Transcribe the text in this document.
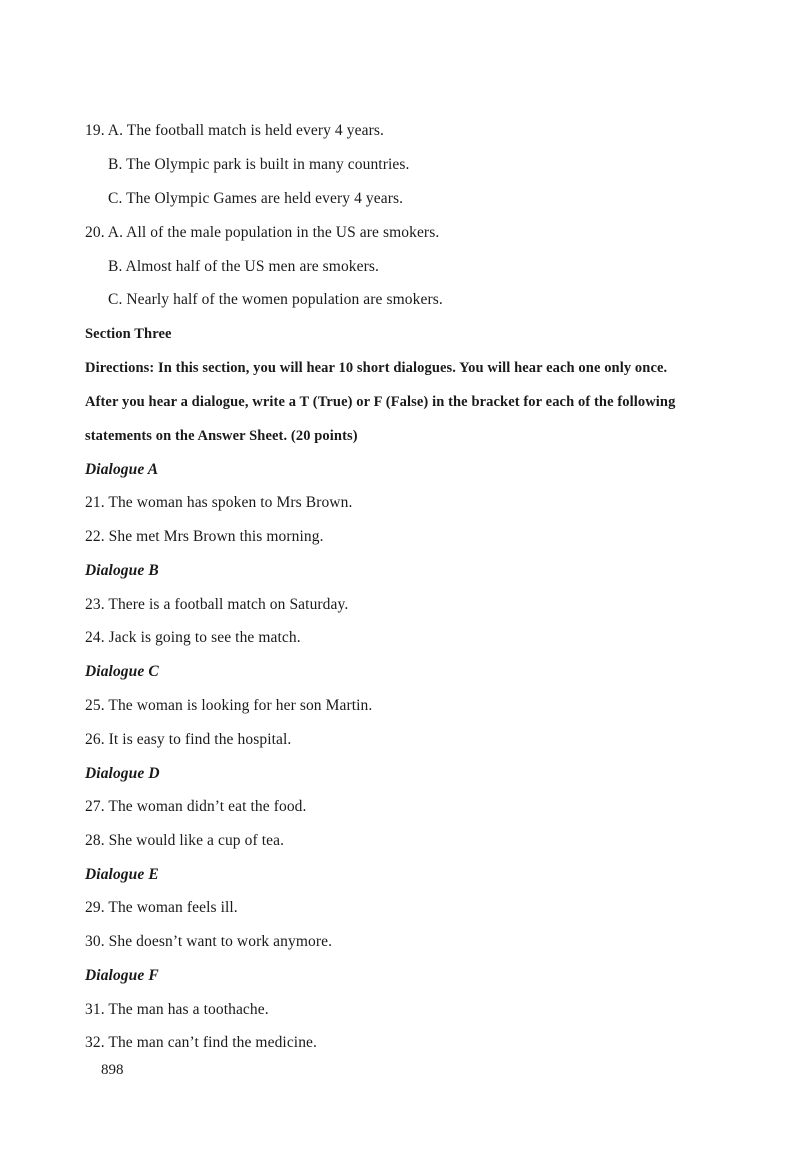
19. A. The football match is held every 4 years.
B. The Olympic park is built in many countries.
C. The Olympic Games are held every 4 years.
20. A. All of the male population in the US are smokers.
B. Almost half of the US men are smokers.
C. Nearly half of the women population are smokers.
Section Three
Directions: In this section, you will hear 10 short dialogues. You will hear each one only once.
After you hear a dialogue, write a T (True) or F (False) in the bracket for each of the following
statements on the Answer Sheet. (20 points)
Dialogue A
21. The woman has spoken to Mrs Brown.
22. She met Mrs Brown this morning.
Dialogue B
23. There is a football match on Saturday.
24. Jack is going to see the match.
Dialogue C
25. The woman is looking for her son Martin.
26. It is easy to find the hospital.
Dialogue D
27. The woman didn’t eat the food.
28. She would like a cup of tea.
Dialogue E
29. The woman feels ill.
30. She doesn’t want to work anymore.
Dialogue F
31. The man has a toothache.
32. The man can’t find the medicine.
898
